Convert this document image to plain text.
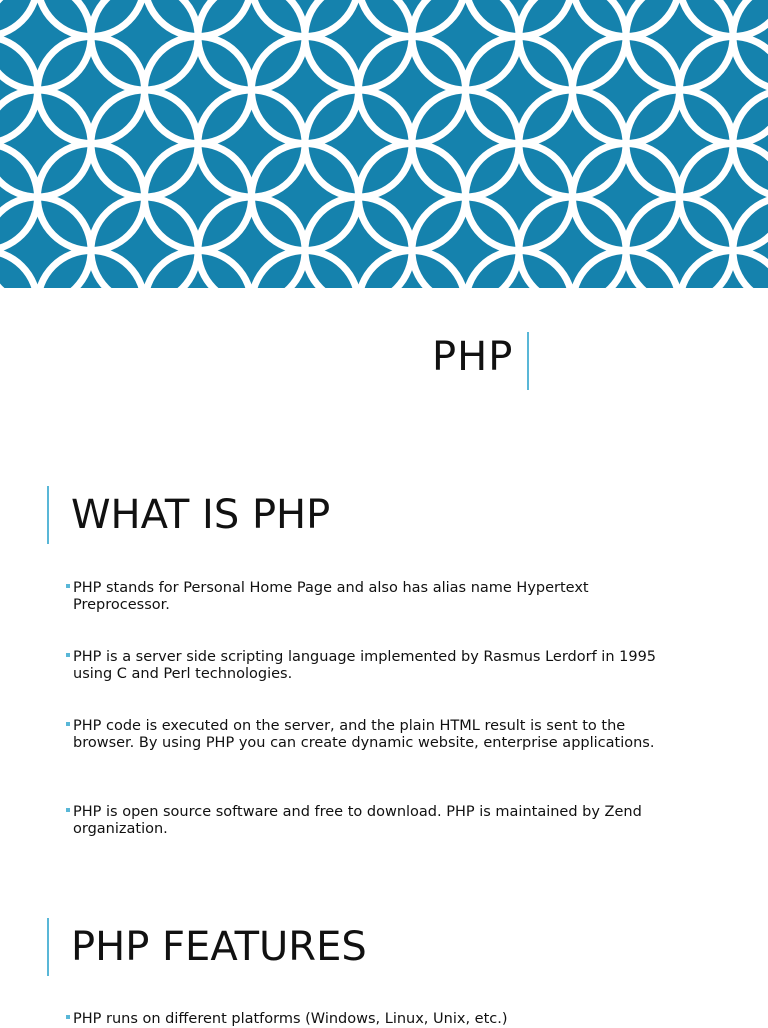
PHP
WHAT IS PHP
PHP stands for Personal Home Page and also has alias name Hypertext Preprocessor.
PHP is a server side scripting language implemented by Rasmus Lerdorf in 1995 using C and Perl technologies.
PHP code is executed on the server, and the plain HTML result is sent to the browser. By using PHP you can create dynamic website, enterprise applications.
PHP is open source software and free to download. PHP is maintained by Zend organization.
PHP FEATURES
PHP runs on different platforms (Windows, Linux, Unix, etc.)
